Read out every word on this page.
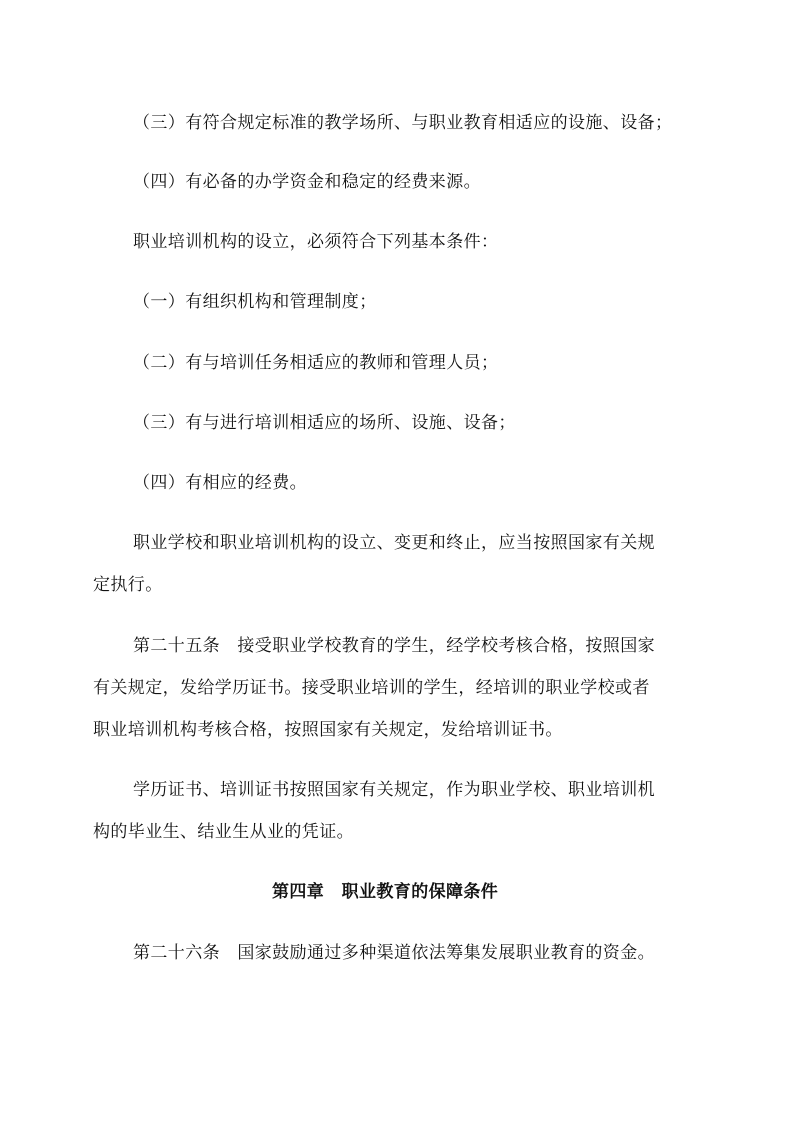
（三）有符合规定标准的教学场所、与职业教育相适应的设施、设备；
（四）有必备的办学资金和稳定的经费来源。
职业培训机构的设立，必须符合下列基本条件：
（一）有组织机构和管理制度；
（二）有与培训任务相适应的教师和管理人员；
（三）有与进行培训相适应的场所、设施、设备；
（四）有相应的经费。
职业学校和职业培训机构的设立、变更和终止，应当按照国家有关规
定执行。
第二十五条　接受职业学校教育的学生，经学校考核合格，按照国家
有关规定，发给学历证书。接受职业培训的学生，经培训的职业学校或者
职业培训机构考核合格，按照国家有关规定，发给培训证书。
学历证书、培训证书按照国家有关规定，作为职业学校、职业培训机
构的毕业生、结业生从业的凭证。
第四章　职业教育的保障条件
第二十六条　国家鼓励通过多种渠道依法筹集发展职业教育的资金。
